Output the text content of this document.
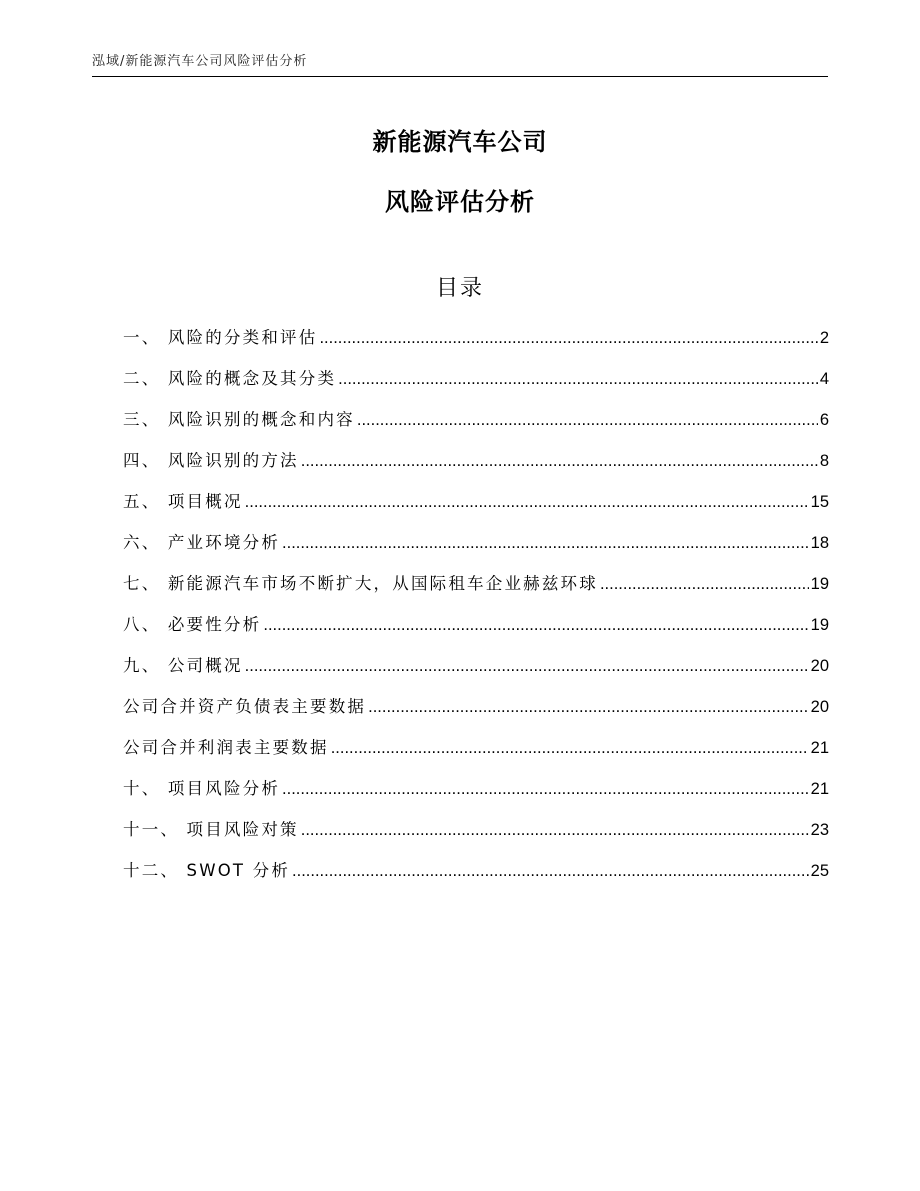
泓域/新能源汽车公司风险评估分析
新能源汽车公司
风险评估分析
目录
一、 风险的分类和评估 .....	2
二、 风险的概念及其分类 .....	4
三、 风险识别的概念和内容 .....	6
四、 风险识别的方法 .....	8
五、 项目概况 .....	15
六、 产业环境分析 .....	18
七、 新能源汽车市场不断扩大，从国际租车企业赫兹环球 .....	19
八、 必要性分析 .....	19
九、 公司概况 .....	20
公司合并资产负债表主要数据 .....	20
公司合并利润表主要数据 .....	21
十、 项目风险分析 .....	21
十一、 项目风险对策 .....	23
十二、 SWOT 分析 .....	25
